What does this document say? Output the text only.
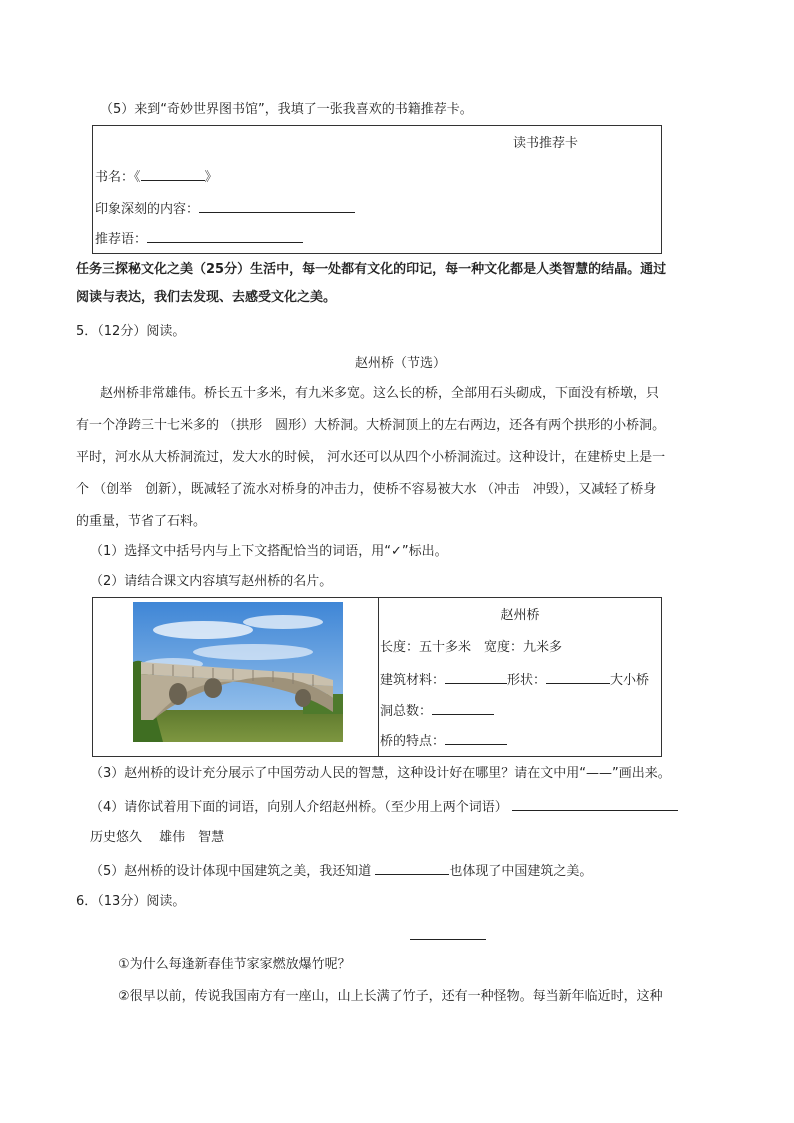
（5）来到“奇妙世界图书馆”，我填了一张我喜欢的书籍推荐卡。
读书推荐卡
书名：《	》
印象深刻的内容：
推荐语：
任务三探秘文化之美（25分）生活中，每一处都有文化的印记，每一种文化都是人类智慧的结晶。通过
阅读与表达，我们去发现、去感受文化之美。
5．（12分）阅读。
赵州桥（节选）
赵州桥非常雄伟。桥长五十多米，有九米多宽。这么长的桥，全部用石头砌成，下面没有桥墩，只
有一个净跨三十七米多的 （拱形　圆形）大桥洞。大桥洞顶上的左右两边，还各有两个拱形的小桥洞。
平时，河水从大桥洞流过，发大水的时候， 河水还可以从四个小桥洞流过。这种设计，在建桥史上是一
个 （创举　创新），既减轻了流水对桥身的冲击力，使桥不容易被大水 （冲击　冲毁），又减轻了桥身
的重量，节省了石料。
（1）选择文中括号内与上下文搭配恰当的词语，用“✓”标出。
（2）请结合课文内容填写赵州桥的名片。
赵州桥
长度：五十多米　宽度：九米多
建筑材料：	形状：	大小桥
洞总数：
桥的特点：
（3）赵州桥的设计充分展示了中国劳动人民的智慧，这种设计好在哪里？请在文中用“——”画出来。
（4）请你试着用下面的词语，向别人介绍赵州桥。（至少用上两个词语）
历史悠久　 雄伟　智慧
（5）赵州桥的设计体现中国建筑之美，我还知道	也体现了中国建筑之美。
6．（13分）阅读。
①为什么每逢新春佳节家家燃放爆竹呢？
②很早以前，传说我国南方有一座山，山上长满了竹子，还有一种怪物。每当新年临近时，这种
